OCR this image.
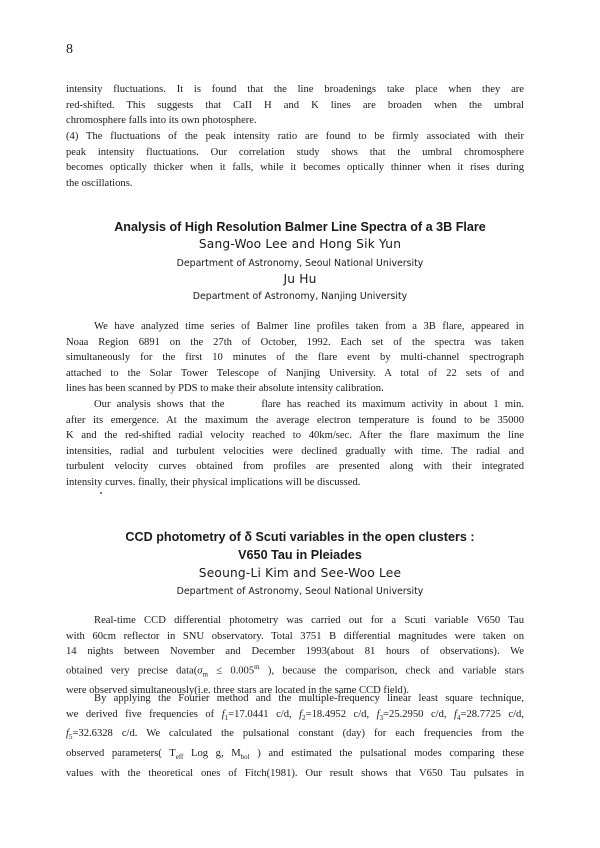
8
intensity fluctuations. It is found that the line broadenings take place when they are
red-shifted. This suggests that CaII H and K lines are broaden when the umbral
chromosphere falls into its own photosphere.
(4) The fluctuations of the peak intensity ratio are found to be firmly associated with their
peak intensity fluctuations. Our correlation study shows that the umbral chromosphere
becomes optically thicker when it falls, while it becomes optically thinner when it rises during
the oscillations.
Analysis of High Resolution Balmer Line Spectra of a 3B Flare
Sang-Woo Lee and Hong Sik Yun
Department of Astronomy, Seoul National University
Ju Hu
Department of Astronomy, Nanjing University
We have analyzed time series of Balmer line profiles taken from a 3B flare, appeared in
Noaa Region 6891 on the 27th of October, 1992. Each set of the spectra was taken
simultaneously for the first 10 minutes of the flare event by multi-channel spectrograph
attached to the Solar Tower Telescope of Nanjing University. A total of 22 sets of and
lines has been scanned by PDS to make their absolute intensity calibration.
Our analysis shows that the      flare has reached its maximum activity in about 1 min.
after its emergence. At the maximum the average electron temperature is found to be 35000
K and the red-shifted radial velocity reached to 40km/sec. After the flare maximum the line
intensities, radial and turbulent velocities were declined gradually with time. The radial and
turbulent velocity curves obtained from profiles are presented along with their integrated
intensity curves. finally, their physical implications will be discussed.
CCD photometry of δ Scuti variables in the open clusters :
V650 Tau in Pleiades
Seoung-Li Kim and See-Woo Lee
Department of Astronomy, Seoul National University
Real-time CCD differential photometry was carried out for a Scuti variable V650 Tau
with 60cm reflector in SNU observatory. Total 3751 B differential magnitudes were taken on
14 nights between November and December 1993(about 81 hours of observations). We
obtained very precise $data(\sigma_m \le 0.005^m$ ), because the comparison, check and variable stars
were observed simultaneously(i.e. three stars are located in the same CCD field).
By applying the Fourier method and the multiple-frequency linear least square technique,
we derived five frequencies of $f_1=17.0441$ c/d, $f_2=18.4952$ c/d, $f_3=25.2950$ c/d, $f_4=28.7725$ c/d,
$f_5=32.6328$ c/d. We calculated the pulsational constant (day) for each frequencies from the
observed parameters( $T_{eff}$ Log g, $M_{bol}$ ) and estimated the pulsational modes comparing these
values with the theoretical ones of Fitch(1981). Our result shows that V650 Tau pulsates in
